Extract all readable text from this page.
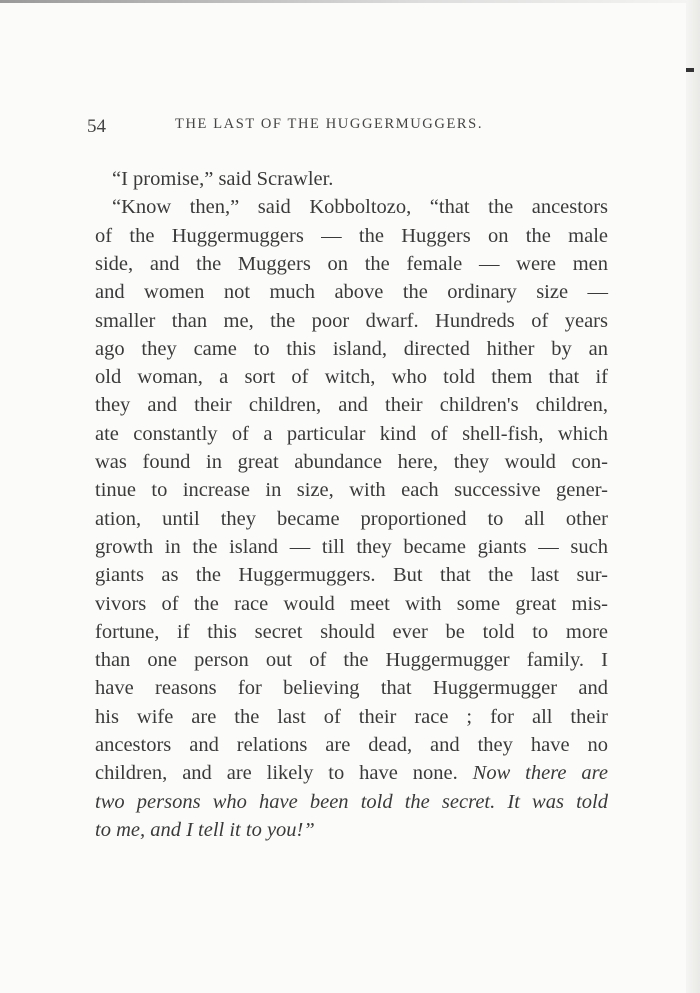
54	THE LAST OF THE HUGGERMUGGERS.
“I promise,” said Scrawler.
“Know then,” said Kobboltozo, “that the ancestors
of the Huggermuggers — the Huggers on the male
side, and the Muggers on the female — were men
and women not much above the ordinary size —
smaller than me, the poor dwarf. Hundreds of years
ago they came to this island, directed hither by an
old woman, a sort of witch, who told them that if
they and their children, and their children's children,
ate constantly of a particular kind of shell-fish, which
was found in great abundance here, they would con-
tinue to increase in size, with each successive gener-
ation, until they became proportioned to all other
growth in the island — till they became giants — such
giants as the Huggermuggers. But that the last sur-
vivors of the race would meet with some great mis-
fortune, if this secret should ever be told to more
than one person out of the Huggermugger family. I
have reasons for believing that Huggermugger and
his wife are the last of their race ; for all their
ancestors and relations are dead, and they have no
children, and are likely to have none. Now there are
two persons who have been told the secret. It was told
to me, and I tell it to you!”
